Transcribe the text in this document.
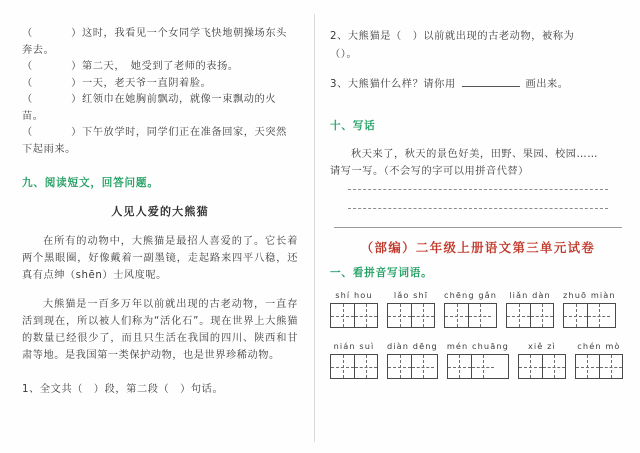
（          ）这时，我看见一个女同学飞快地朝操场东头
奔去。
（          ）第二天，　她受到了老师的表扬。
（          ）一天，老天爷一直阴着脸。
（          ）红领巾在她胸前飘动，就像一束飘动的火
苗。
（          ）下午放学时，同学们正在准备回家，天突然
下起雨来。
九、阅读短文，回答问题。
人见人爱的大熊猫

在所有的动物中，大熊猫是最招人喜爱的了。它长着两个黑眼圈，好像戴着一副墨镜，走起路来四平八稳，还真有点绅（shēn）士风度呢。

大熊猫是一百多万年以前就出现的古老动物，一直存活到现在，所以被人们称为“活化石”。现在世界上大熊猫的数量已经很少了，而且只生活在我国的四川、陕西和甘肃等地。是我国第一类保护动物，也是世界珍稀动物。

1、全文共（　）段，第二段（　）句话。
2、大熊猫是（　）以前就出现的古老动物，被称为
（）。
3、大熊猫什么样？请你用	画出来。
十、写话

秋天来了，秋天的景色好美，田野、果园、校园……

请写一写。（不会写的字可以用拼音代替）

（部编）二年级上册语文第三单元试卷
一、看拼音写词语。
shí hou	lǎo shī	chēng gǎn	liǎn dàn	zhuō miàn
nián suì	diàn dēng mén chuāng	xiě zì	chén mò
